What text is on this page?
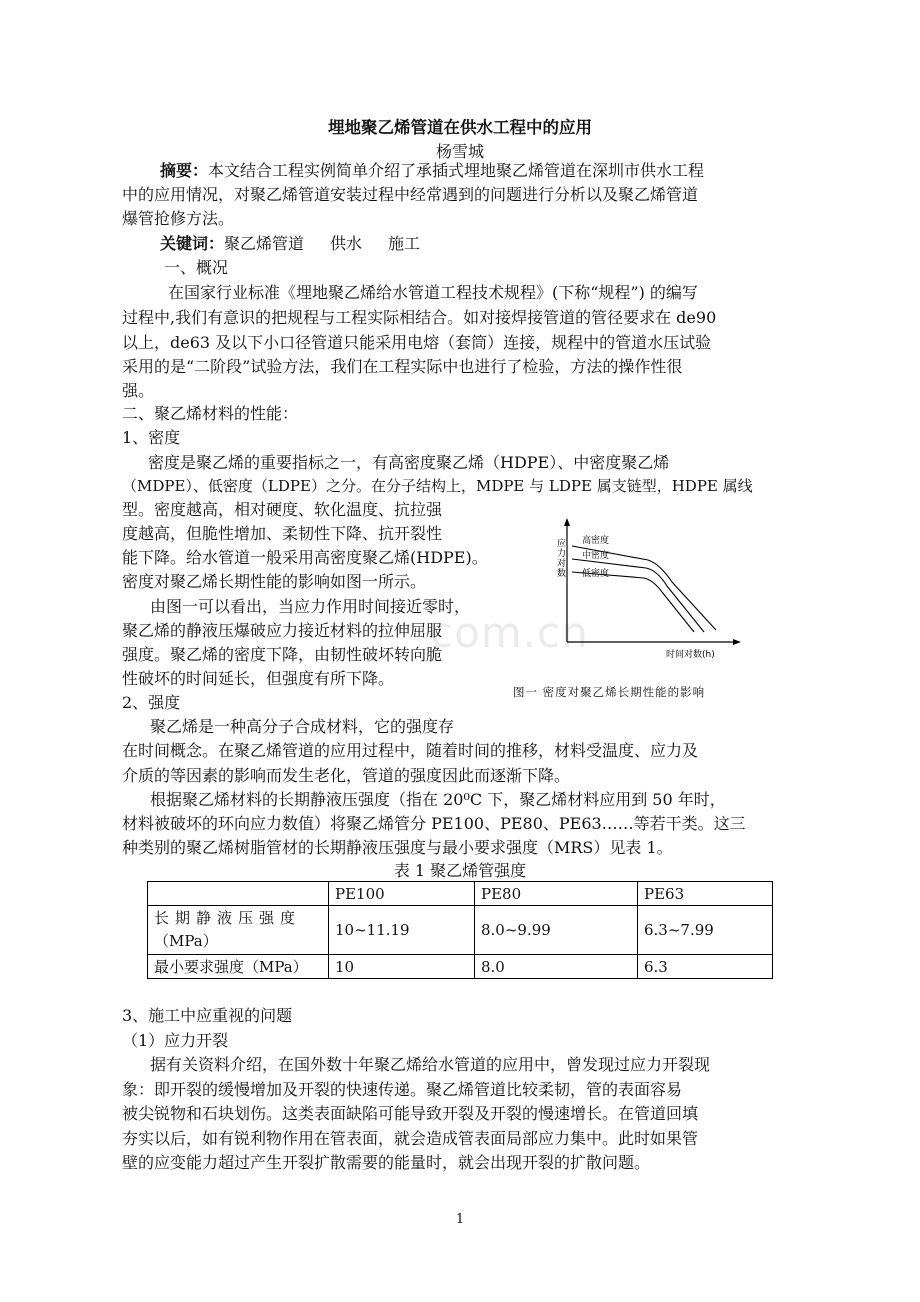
com.cn
埋地聚乙烯管道在供水工程中的应用
杨雪城
摘要：本文结合工程实例简单介绍了承插式埋地聚乙烯管道在深圳市供水工程
中的应用情况，对聚乙烯管道安装过程中经常遇到的问题进行分析以及聚乙烯管道
爆管抢修方法。
关键词：聚乙烯管道 供水 施工
一、概况
在国家行业标准《埋地聚乙烯给水管道工程技术规程》(下称“规程”) 的编写
过程中,我们有意识的把规程与工程实际相结合。如对接焊接管道的管径要求在 de90
以上，de63 及以下小口径管道只能采用电熔（套筒）连接，规程中的管道水压试验
采用的是“二阶段”试验方法，我们在工程实际中也进行了检验，方法的操作性很
强。
二、聚乙烯材料的性能：
1、密度
密度是聚乙烯的重要指标之一，有高密度聚乙烯（HDPE）、中密度聚乙烯
（MDPE）、低密度（LDPE）之分。在分子结构上，MDPE 与 LDPE 属支链型，HDPE 属线
型。密度越高，相对硬度、软化温度、抗拉强
度越高，但脆性增加、柔韧性下降、抗开裂性
能下降。给水管道一般采用高密度聚乙烯(HDPE)。
密度对聚乙烯长期性能的影响如图一所示。
由图一可以看出，当应力作用时间接近零时，
聚乙烯的静液压爆破应力接近材料的拉伸屈服
强度。聚乙烯的密度下降，由韧性破坏转向脆
性破坏的时间延长，但强度有所下降。
应力对数
时间对数(h)
高密度
中密度
低密度
图一 密度对聚乙烯长期性能的影响
2、强度
聚乙烯是一种高分子合成材料，它的强度存
在时间概念。在聚乙烯管道的应用过程中，随着时间的推移，材料受温度、应力及
介质的等因素的影响而发生老化，管道的强度因此而逐渐下降。
根据聚乙烯材料的长期静液压强度（指在 20⁰C 下，聚乙烯材料应用到 50 年时，
材料被破坏的环向应力数值）将聚乙烯管分 PE100、PE80、PE63……等若干类。这三
种类别的聚乙烯树脂管材的长期静液压强度与最小要求强度（MRS）见表 1。
表 1 聚乙烯管强度
	PE100	PE80	PE63
长期静液压强度
（MPa）	10~11.19	8.0~9.99	6.3~7.99
最小要求强度（MPa）	10	8.0	6.3
3、施工中应重视的问题
（1）应力开裂
据有关资料介绍，在国外数十年聚乙烯给水管道的应用中，曾发现过应力开裂现
象：即开裂的缓慢增加及开裂的快速传递。聚乙烯管道比较柔韧，管的表面容易
被尖锐物和石块划伤。这类表面缺陷可能导致开裂及开裂的慢速增长。在管道回填
夯实以后，如有锐利物作用在管表面，就会造成管表面局部应力集中。此时如果管
壁的应变能力超过产生开裂扩散需要的能量时，就会出现开裂的扩散问题。
1
